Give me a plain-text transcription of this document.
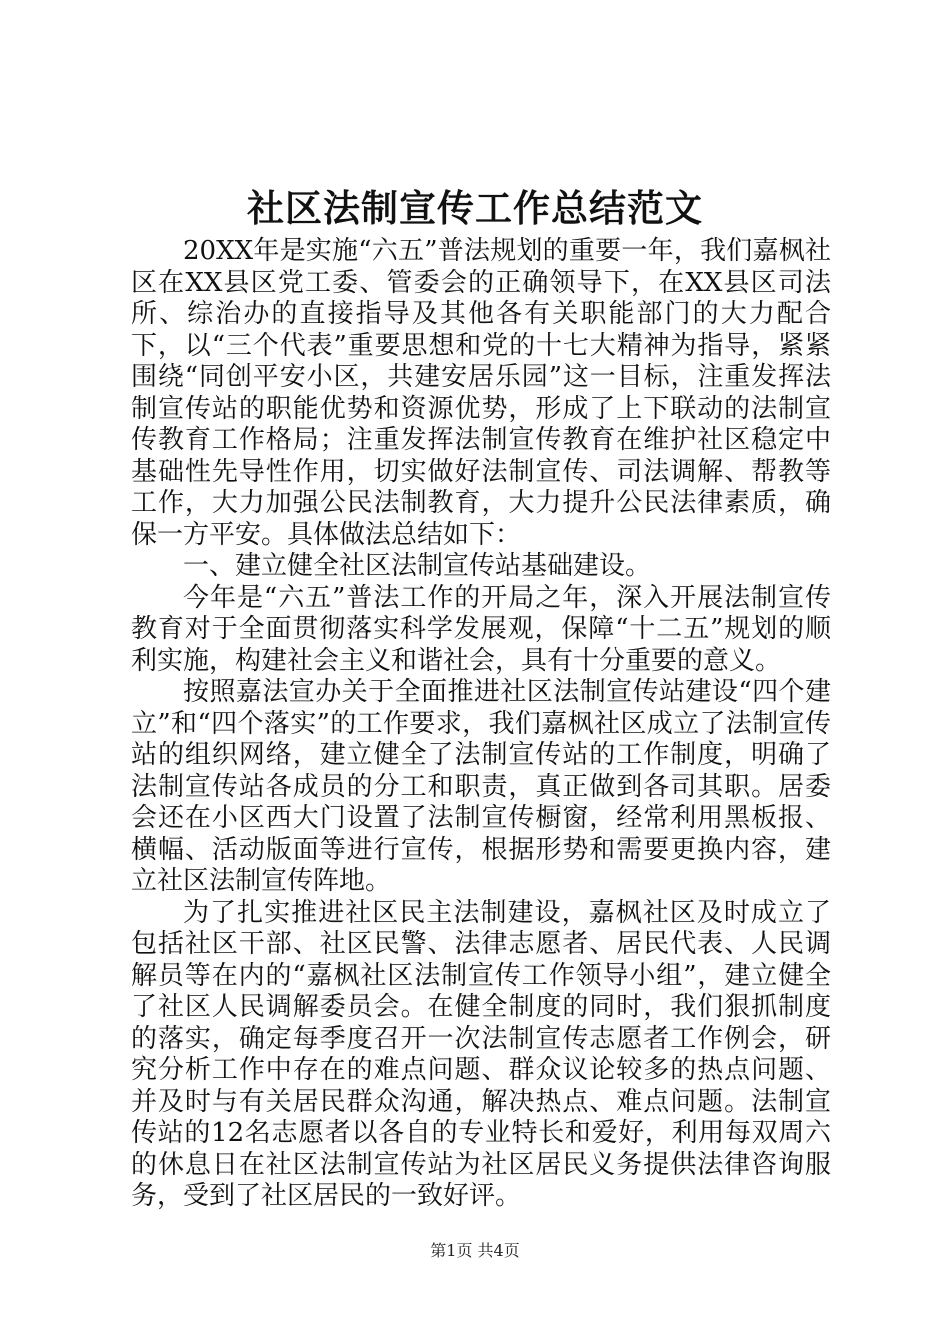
社区法制宣传工作总结范文

20XX年是实施“六五”普法规划的重要一年，我们嘉枫社区在XX县区党工委、管委会的正确领导下，在XX县区司法所、综治办的直接指导及其他各有关职能部门的大力配合下，以“三个代表”重要思想和党的十七大精神为指导，紧紧围绕“同创平安小区，共建安居乐园”这一目标，注重发挥法制宣传站的职能优势和资源优势，形成了上下联动的法制宣传教育工作格局；注重发挥法制宣传教育在维护社区稳定中基础性先导性作用，切实做好法制宣传、司法调解、帮教等工作，大力加强公民法制教育，大力提升公民法律素质，确保一方平安。具体做法总结如下：

一、建立健全社区法制宣传站基础建设。

今年是“六五”普法工作的开局之年，深入开展法制宣传教育对于全面贯彻落实科学发展观，保障“十二五”规划的顺利实施，构建社会主义和谐社会，具有十分重要的意义。

按照嘉法宣办关于全面推进社区法制宣传站建设“四个建立”和“四个落实”的工作要求，我们嘉枫社区成立了法制宣传站的组织网络，建立健全了法制宣传站的工作制度，明确了法制宣传站各成员的分工和职责，真正做到各司其职。居委会还在小区西大门设置了法制宣传橱窗，经常利用黑板报、横幅、活动版面等进行宣传，根据形势和需要更换内容，建立社区法制宣传阵地。

为了扎实推进社区民主法制建设，嘉枫社区及时成立了包括社区干部、社区民警、法律志愿者、居民代表、人民调解员等在内的“嘉枫社区法制宣传工作领导小组”，建立健全了社区人民调解委员会。在健全制度的同时，我们狠抓制度的落实，确定每季度召开一次法制宣传志愿者工作例会，研究分析工作中存在的难点问题、群众议论较多的热点问题、并及时与有关居民群众沟通，解决热点、难点问题。法制宣传站的12名志愿者以各自的专业特长和爱好，利用每双周六的休息日在社区法制宣传站为社区居民义务提供法律咨询服务，受到了社区居民的一致好评。

第1页 共4页
